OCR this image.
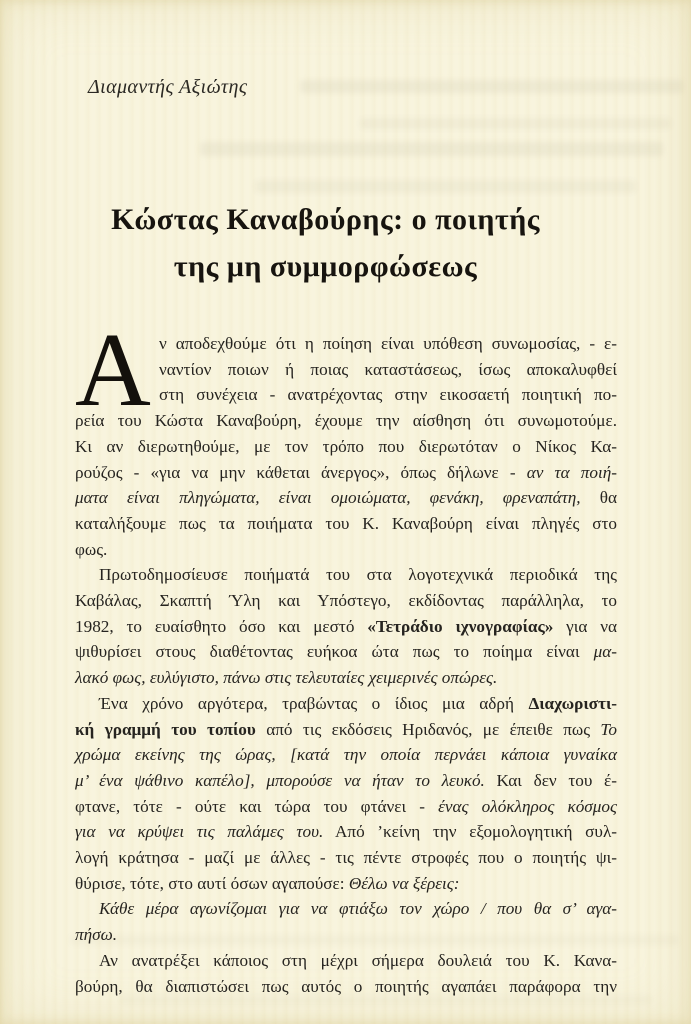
Διαμαντής Αξιώτης
Κώστας Καναβούρης: ο ποιητής
της μη συμμορφώσεως
Α ν αποδεχθούμε ότι η ποίηση είναι υπόθεση συνωμοσίας, - ε-
ναντίον ποιων ή ποιας καταστάσεως, ίσως αποκαλυφθεί
στη συνέχεια - ανατρέχοντας στην εικοσαετή ποιητική πο-
ρεία του Κώστα Καναβούρη, έχουμε την αίσθηση ότι συνωμοτούμε.
Κι αν διερωτηθούμε, με τον τρόπο που διερωτόταν ο Νίκος Κα-
ρούζος - «για να μην κάθεται άνεργος», όπως δήλωνε - αν τα ποιή-
ματα είναι πληγώματα, είναι ομοιώματα, φενάκη, φρεναπάτη, θα
καταλήξουμε πως τα ποιήματα του Κ. Καναβούρη είναι πληγές στο
φως.
Πρωτοδημοσίευσε ποιήματά του στα λογοτεχνικά περιοδικά της
Καβάλας, Σκαπτή Ύλη και Υπόστεγο, εκδίδοντας παράλληλα, το
1982, το ευαίσθητο όσο και μεστό «Τετράδιο ιχνογραφίας» για να
ψιθυρίσει στους διαθέτοντας ευήκοα ώτα πως το ποίημα είναι μα-
λακό φως, ευλύγιστο, πάνω στις τελευταίες χειμερινές οπώρες.
Ένα χρόνο αργότερα, τραβώντας ο ίδιος μια αδρή Διαχωριστι-
κή γραμμή του τοπίου από τις εκδόσεις Ηριδανός, με έπειθε πως Το
χρώμα εκείνης της ώρας, [κατά την οποία περνάει κάποια γυναίκα
μ’ ένα ψάθινο καπέλο], μπορούσε να ήταν το λευκό. Και δεν του έ-
φτανε, τότε - ούτε και τώρα του φτάνει - ένας ολόκληρος κόσμος
για να κρύψει τις παλάμες του. Από ’κείνη την εξομολογητική συλ-
λογή κράτησα - μαζί με άλλες - τις πέντε στροφές που ο ποιητής ψι-
θύρισε, τότε, στο αυτί όσων αγαπούσε: Θέλω να ξέρεις:
Κάθε μέρα αγωνίζομαι για να φτιάξω τον χώρο / που θα σ’ αγα-
πήσω.
Αν ανατρέξει κάποιος στη μέχρι σήμερα δουλειά του Κ. Κανα-
βούρη, θα διαπιστώσει πως αυτός ο ποιητής αγαπάει παράφορα την
